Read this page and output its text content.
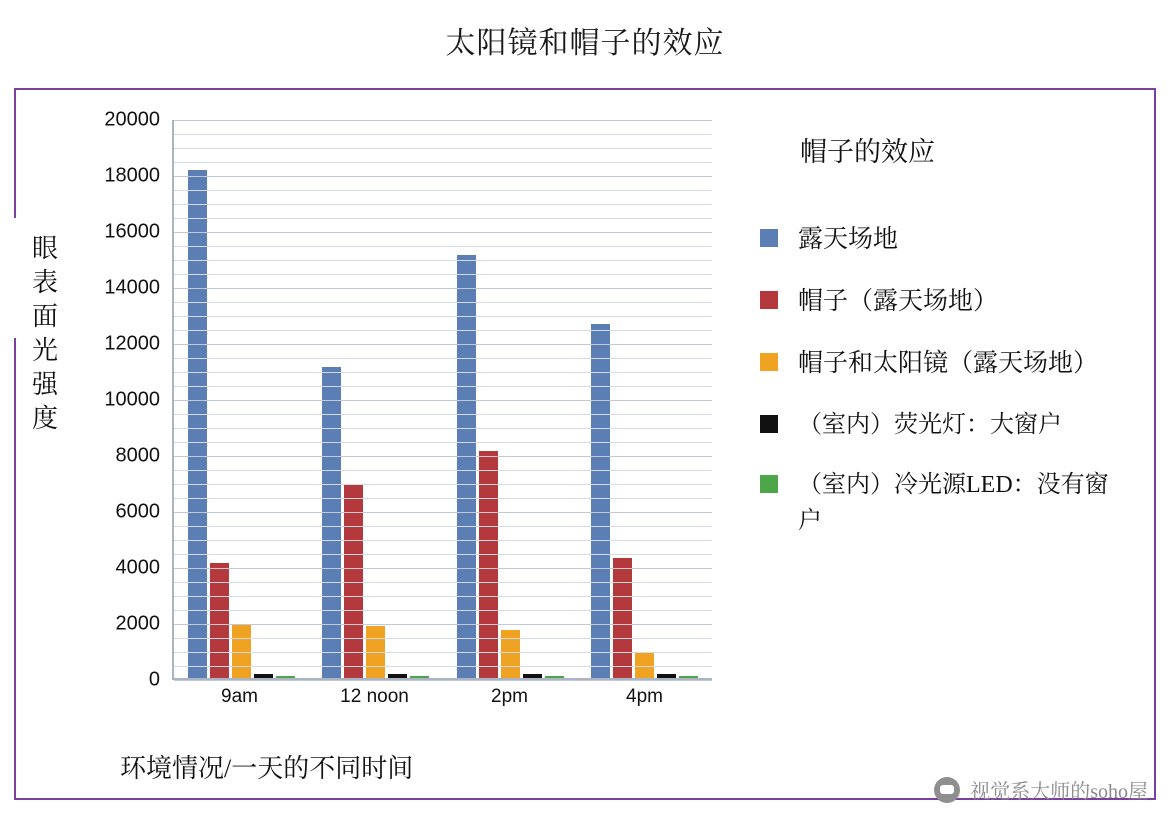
太阳镜和帽子的效应
眼
表
面
光
强
度
0
2000
4000
6000
8000
10000
12000
14000
16000
18000
20000
9am	12 noon	2pm	4pm
环境情况/一天的不同时间
帽子的效应
露天场地
帽子（露天场地）
帽子和太阳镜（露天场地）
（室内）荧光灯：大窗户
（室内）冷光源LED：没有窗户
视觉系大师的soho屋
